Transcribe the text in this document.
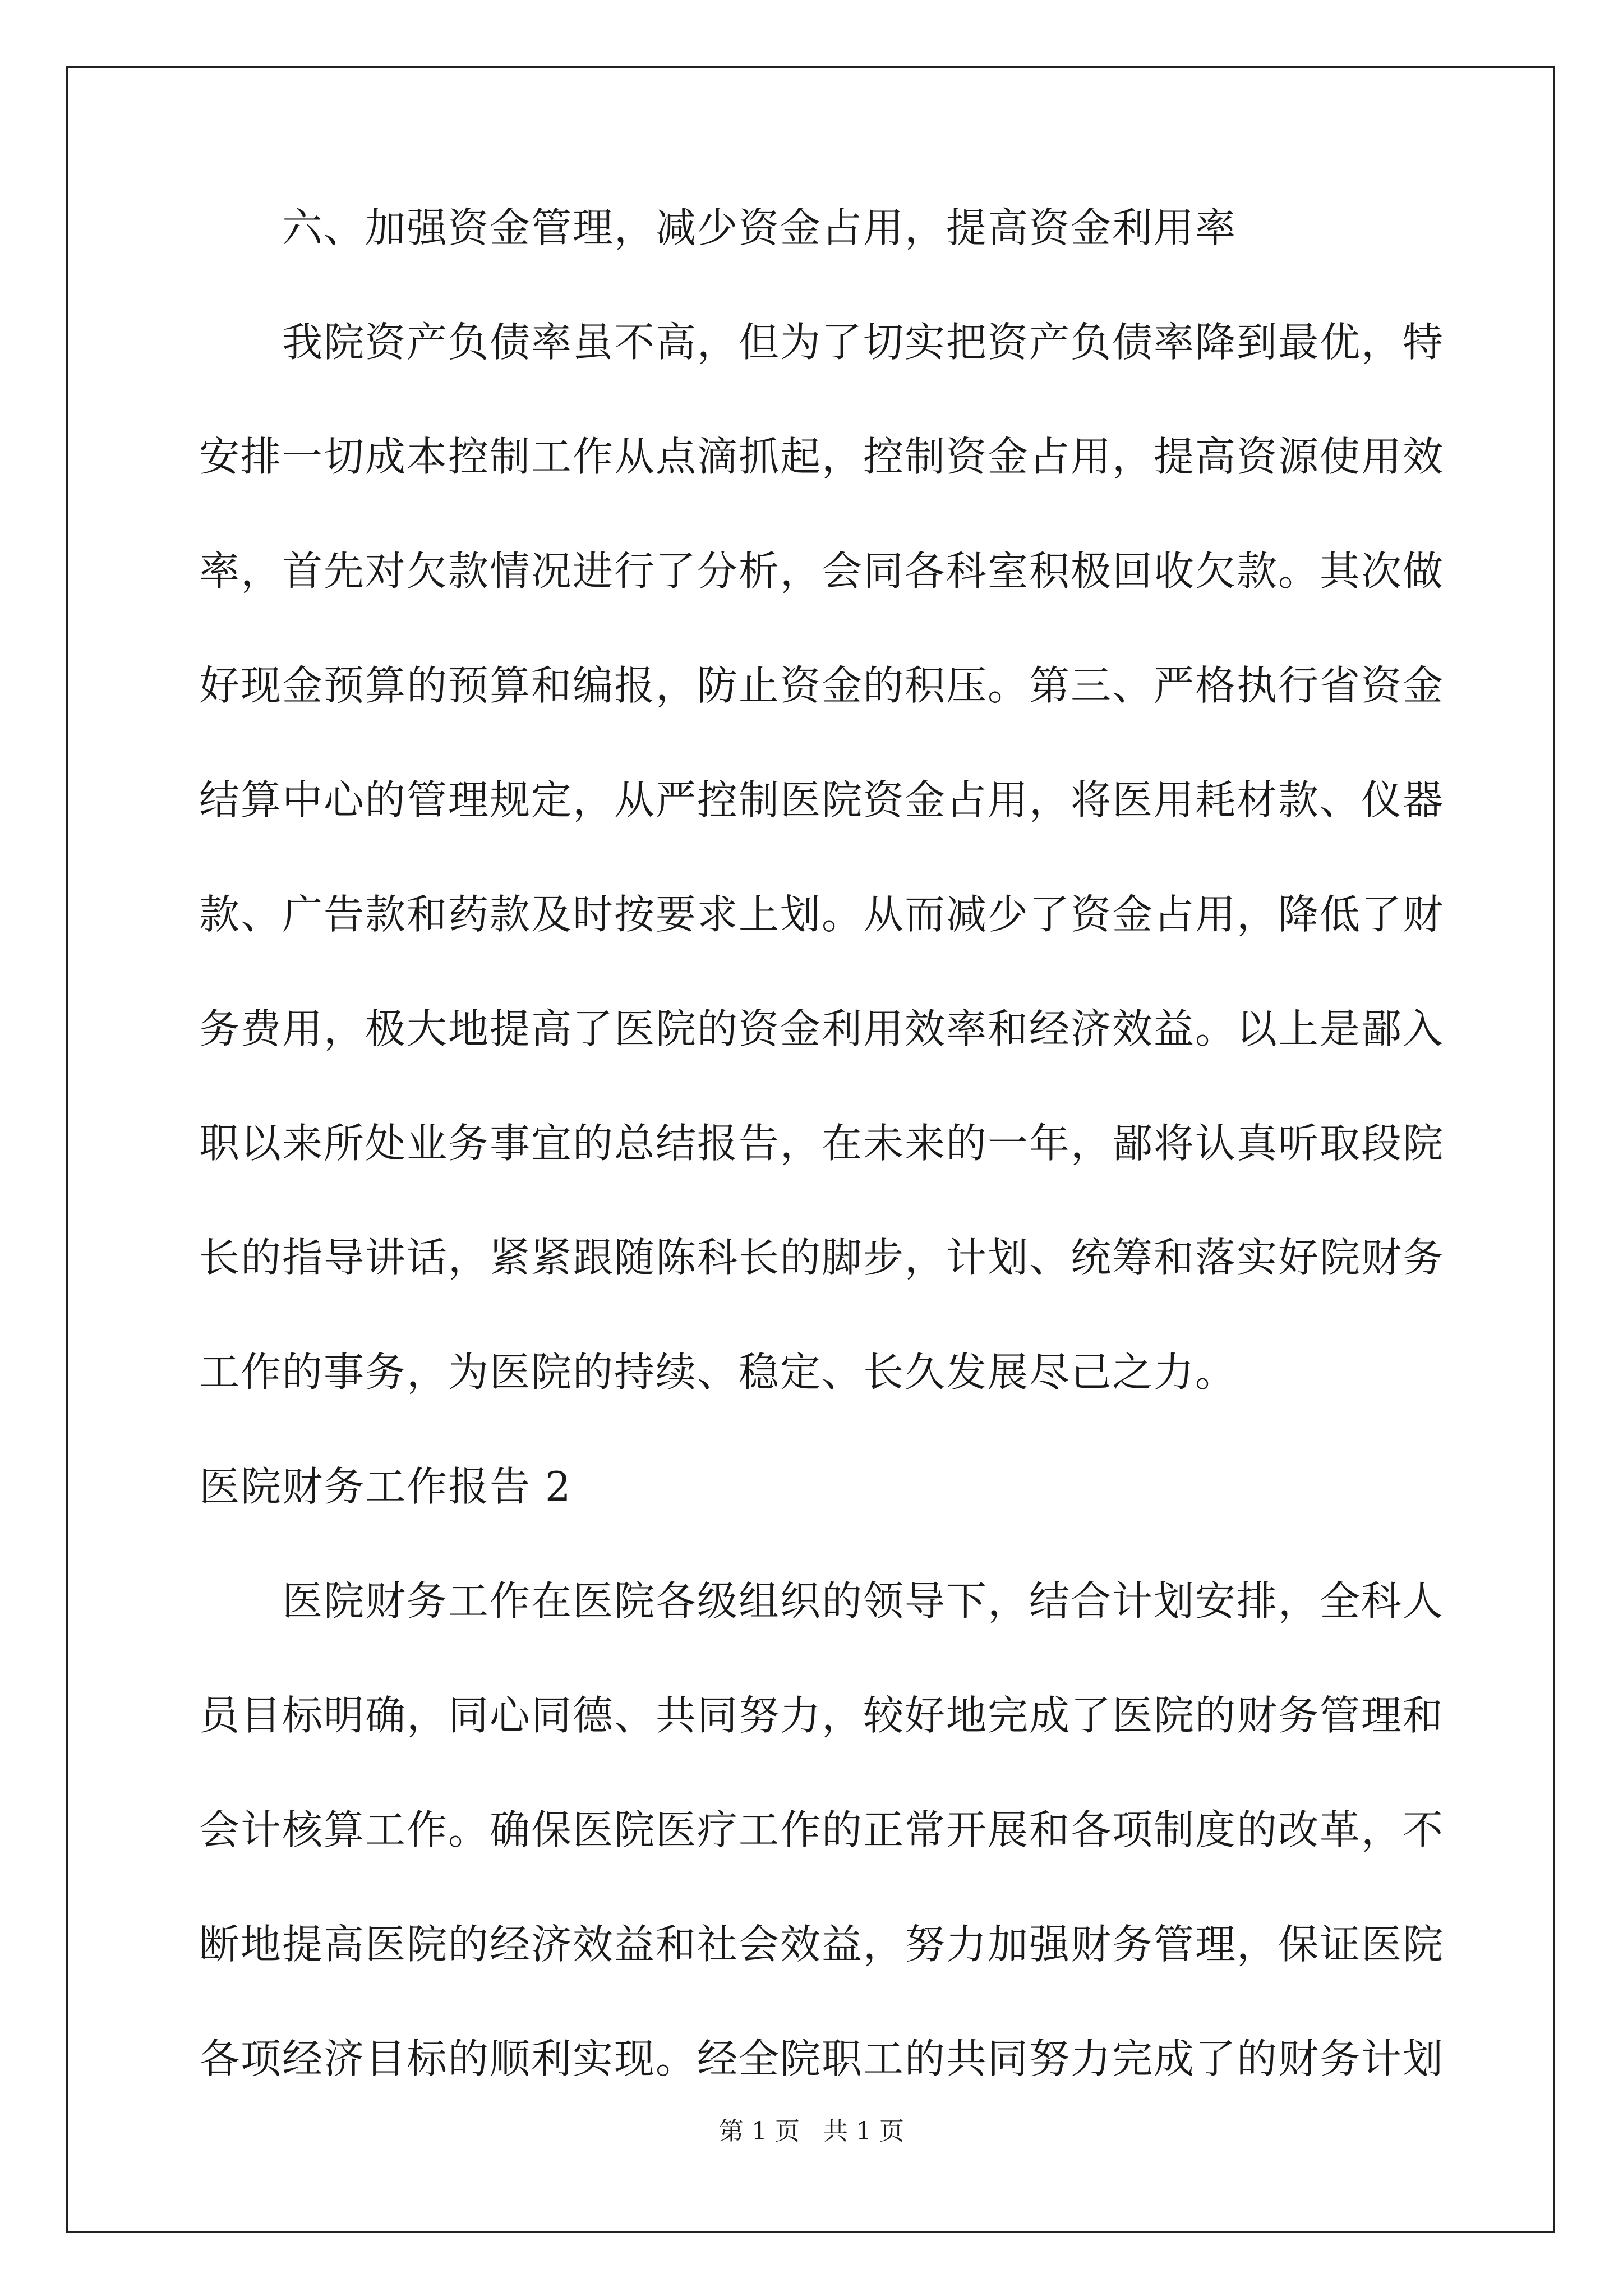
六、加强资金管理，减少资金占用，提高资金利用率
我院资产负债率虽不高，但为了切实把资产负债率降到最优，特
安排一切成本控制工作从点滴抓起，控制资金占用，提高资源使用效
率，首先对欠款情况进行了分析，会同各科室积极回收欠款。其次做
好现金预算的预算和编报，防止资金的积压。第三、严格执行省资金
结算中心的管理规定，从严控制医院资金占用，将医用耗材款、仪器
款、广告款和药款及时按要求上划。从而减少了资金占用，降低了财
务费用，极大地提高了医院的资金利用效率和经济效益。以上是鄙入
职以来所处业务事宜的总结报告，在未来的一年，鄙将认真听取段院
长的指导讲话，紧紧跟随陈科长的脚步，计划、统筹和落实好院财务
工作的事务，为医院的持续、稳定、长久发展尽己之力。
医院财务工作报告 2
医院财务工作在医院各级组织的领导下，结合计划安排，全科人
员目标明确，同心同德、共同努力，较好地完成了医院的财务管理和
会计核算工作。确保医院医疗工作的正常开展和各项制度的改革，不
断地提高医院的经济效益和社会效益，努力加强财务管理，保证医院
各项经济目标的顺利实现。经全院职工的共同努力完成了的财务计划
第 1 页   共 1 页
